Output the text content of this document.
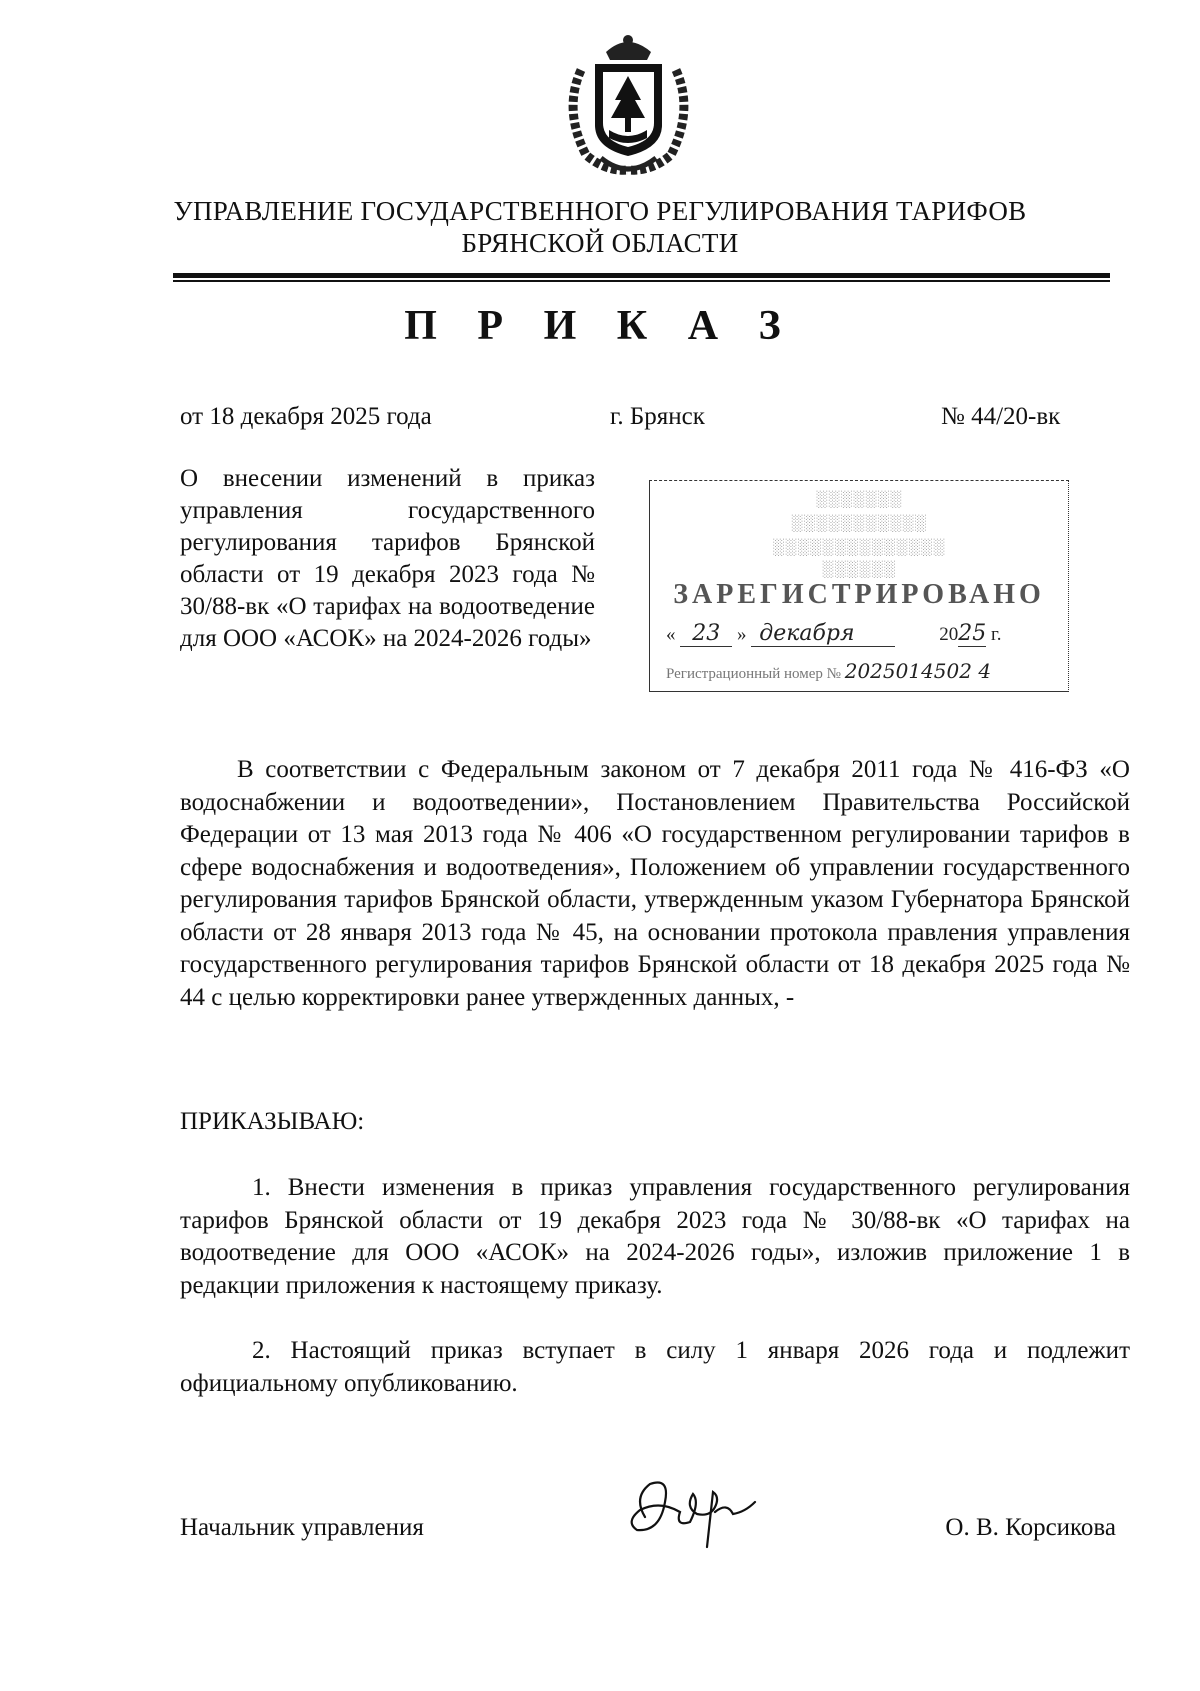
УПРАВЛЕНИЕ ГОСУДАРСТВЕННОГО РЕГУЛИРОВАНИЯ ТАРИФОВ
БРЯНСКОЙ ОБЛАСТИ
П Р И К А З
от 18 декабря 2025 года	г. Брянск	№ 44/20-вк
О внесении изменений в приказ управления государственного регулирования тарифов Брянской области от 19 декабря 2023 года № 30/88-вк «О тарифах на водоотведение для ООО «АСОК» на 2024-2026 годы»
░░░░░░░
░░░░░░░░░░░
░░░░░░░░░░░░░░
░░░░░░
ЗАРЕГИСТРИРОВАНО
« 23 » декабря	2025 г.
Регистрационный номер № 2025014502 4
В соответствии с Федеральным законом от 7 декабря 2011 года № 416-ФЗ «О водоснабжении и водоотведении», Постановлением Правительства Российской Федерации от 13 мая 2013 года № 406 «О государственном регулировании тарифов в сфере водоснабжения и водоотведения», Положением об управлении государственного регулирования тарифов Брянской области, утвержденным указом Губернатора Брянской области от 28 января 2013 года № 45, на основании протокола правления управления государственного регулирования тарифов Брянской области от 18 декабря 2025 года № 44 с целью корректировки ранее утвержденных данных, -
ПРИКАЗЫВАЮ:
1. Внести изменения в приказ управления государственного регулирования тарифов Брянской области от 19 декабря 2023 года № 30/88-вк «О тарифах на водоотведение для ООО «АСОК» на 2024-2026 годы», изложив приложение 1 в редакции приложения к настоящему приказу.
2. Настоящий приказ вступает в силу 1 января 2026 года и подлежит официальному опубликованию.
Начальник управления	О. В. Корсикова
